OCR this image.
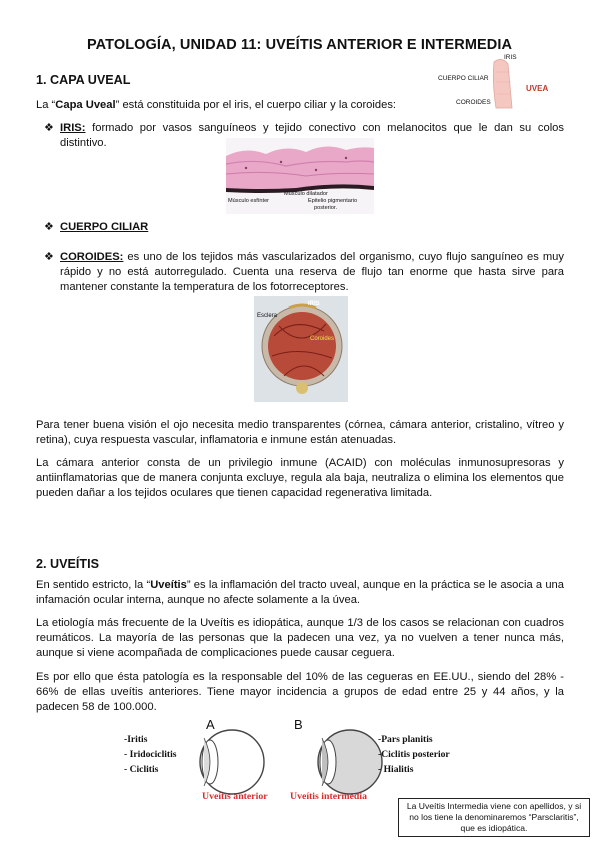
PATOLOGÍA, UNIDAD 11: UVEÍTIS ANTERIOR E INTERMEDIA
1. CAPA UVEAL
IRIS
CUERPO CILIAR
COROIDES
UVEA
La “Capa Uveal” está constituida por el iris, el cuerpo ciliar y la coroides:
❖ IRIS: formado por vasos sanguíneos y tejido conectivo con melanocitos que le dan su colos distintivo.
Músculo dilatador
Músculo esfínter	Epitelio pigmentario
posterior.
❖ CUERPO CILIAR
❖ COROIDES: es uno de los tejidos más vascularizados del organismo, cuyo flujo sanguíneo es muy rápido y no está autorregulado. Cuenta una reserva de flujo tan enorme que hasta sirve para mantener constante la temperatura de los fotorreceptores.
Esclera
IRIS
Coroides
Para tener buena visión el ojo necesita medio transparentes (córnea, cámara anterior, cristalino, vítreo y retina), cuya respuesta vascular, inflamatoria e inmune están atenuadas.
La cámara anterior consta de un privilegio inmune (ACAID) con moléculas inmunosupresoras y antiinflamatorias que de manera conjunta excluye, regula ala baja, neutraliza o elimina los elementos que pueden dañar a los tejidos oculares que tienen capacidad regenerativa limitada.
2. UVEÍTIS
En sentido estricto, la “Uveítis” es la inflamación del tracto uveal, aunque en la práctica se le asocia a una infamación ocular interna, aunque no afecte solamente a la úvea.
La etiología más frecuente de la Uveítis es idiopática, aunque 1/3 de los casos se relacionan con cuadros reumáticos. La mayoría de las personas que la padecen una vez, ya no vuelven a tener nunca más, aunque si viene acompañada de complicaciones puede causar ceguera.
Es por ello que ésta patología es la responsable del 10% de las cegueras en EE.UU., siendo del 28% - 66% de ellas uveítis anteriores. Tiene mayor incidencia a grupos de edad entre 25 y 44 años, y la padecen 58 de 100.000.
A	B
-Iritis
- Iridociclitis
- Ciclitis
-Pars planitis
-Ciclitis posterior
- Hialitis
Uveítis anterior Uveítis intermedia
La Uveítis Intermedia viene con apellidos, y si no los tiene la denominaremos “Parsclaritis”, que es idiopática.
